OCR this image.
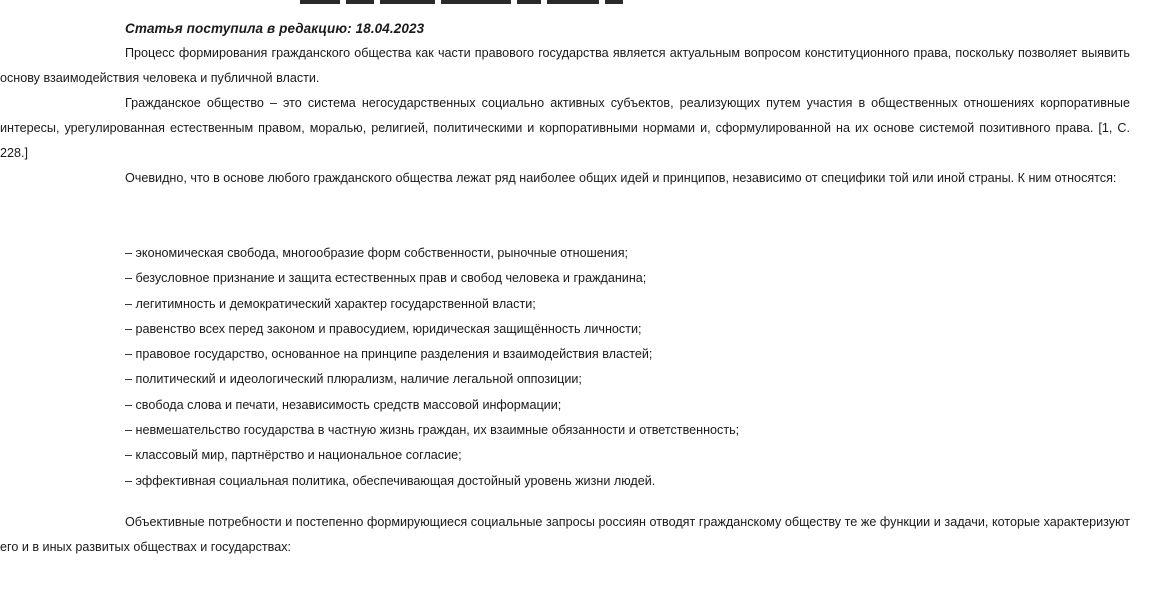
Статья поступила в редакцию: 18.04.2023

Процесс формирования гражданского общества как части правового государства является актуальным вопросом конституционного права, поскольку позволяет выявить основу взаимодействия человека и публичной власти.

Гражданское общество – это система негосударственных социально активных субъектов, реализующих путем участия в общественных отношениях корпоративные интересы, урегулированная естественным правом, моралью, религией, политическими и корпоративными нормами и, сформулированной на их основе системой позитивного права. [1, С. 228.]

Очевидно, что в основе любого гражданского общества лежат ряд наиболее общих идей и принципов, независимо от специфики той или иной страны. К ним относятся:

– экономическая свобода, многообразие форм собственности, рыночные отношения;
– безусловное признание и защита естественных прав и свобод человека и гражданина;
– легитимность и демократический характер государственной власти;
– равенство всех перед законом и правосудием, юридическая защищённость личности;
– правовое государство, основанное на принципе разделения и взаимодействия властей;
– политический и идеологический плюрализм, наличие легальной оппозиции;
– свобода слова и печати, независимость средств массовой информации;
– невмешательство государства в частную жизнь граждан, их взаимные обязанности и ответственность;
– классовый мир, партнёрство и национальное согласие;
– эффективная социальная политика, обеспечивающая достойный уровень жизни людей.

Объективные потребности и постепенно формирующиеся социальные запросы россиян отводят гражданскому обществу те же функции и задачи, которые характеризуют его и в иных развитых обществах и государствах:
